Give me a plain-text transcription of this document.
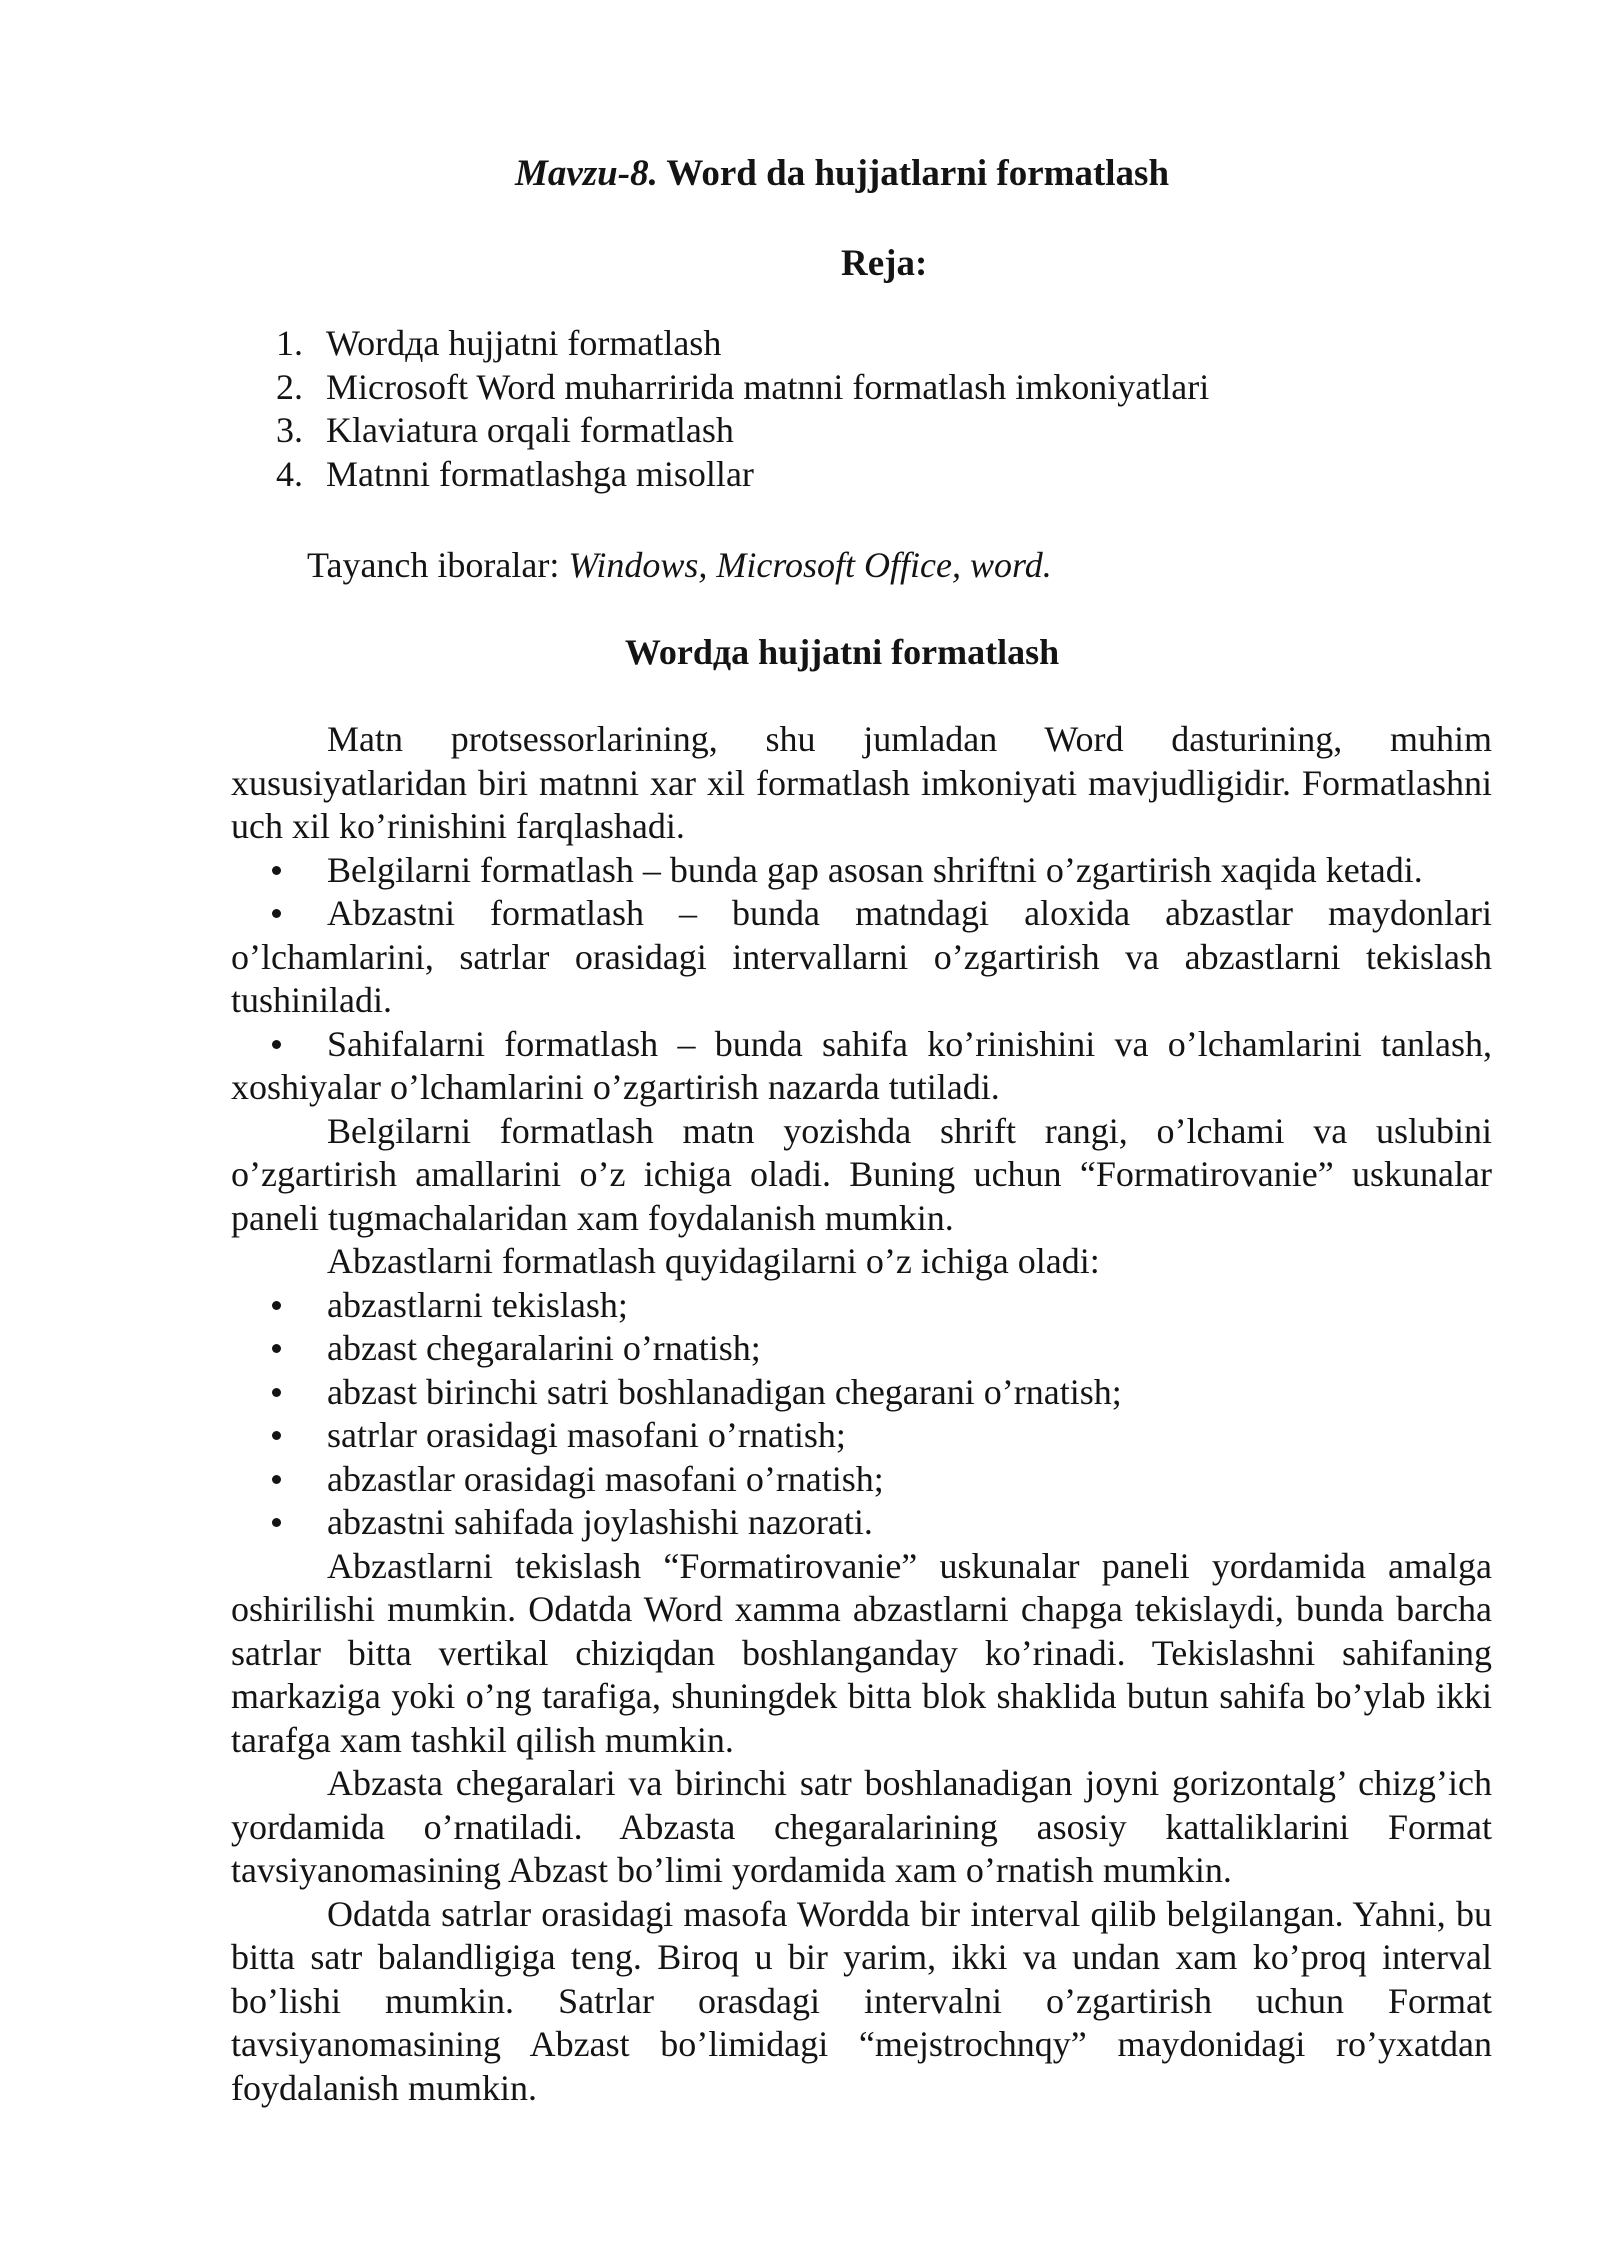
Mavzu-8. Word da hujjatlarni formatlash
Reja:
1. Wordда hujjatni formatlash
2. Microsoft Word muharririda matnni formatlash imkoniyatlari
3. Klaviatura orqali formatlash
4. Matnni formatlashga misollar
Tayanch iboralar: Windows, Microsoft Office, word.
Wordда hujjatni formatlash

Matn protsessorlarining, shu jumladan Word dasturining, muhim xususiyatlaridan biri matnni xar xil formatlash imkoniyati mavjudligidir. Formatlashni uch xil ko’rinishini farqlashadi.

Belgilarni formatlash – bunda gap asosan shriftni o’zgartirish xaqida ketadi.

Abzastni formatlash – bunda matndagi aloxida abzastlar maydonlari o’lchamlarini, satrlar orasidagi intervallarni o’zgartirish va abzastlarni tekislash tushiniladi.

Sahifalarni formatlash – bunda sahifa ko’rinishini va o’lchamlarini tanlash, xoshiyalar o’lchamlarini o’zgartirish nazarda tutiladi.

Belgilarni formatlash matn yozishda shrift rangi, o’lchami va uslubini o’zgartirish amallarini o’z ichiga oladi. Buning uchun “Formatirovanie” uskunalar paneli tugmachalaridan xam foydalanish mumkin.

Abzastlarni formatlash quyidagilarni o’z ichiga oladi:

abzastlarni tekislash;

abzast chegaralarini o’rnatish;

abzast birinchi satri boshlanadigan chegarani o’rnatish;

satrlar orasidagi masofani o’rnatish;

abzastlar orasidagi masofani o’rnatish;

abzastni sahifada joylashishi nazorati.

Abzastlarni tekislash “Formatirovanie” uskunalar paneli yordamida amalga oshirilishi mumkin. Odatda Word xamma abzastlarni chapga tekislaydi, bunda barcha satrlar bitta vertikal chiziqdan boshlanganday ko’rinadi. Tekislashni sahifaning markaziga yoki o’ng tarafiga, shuningdek bitta blok shaklida butun sahifa bo’ylab ikki tarafga xam tashkil qilish mumkin.

Abzasta chegaralari va birinchi satr boshlanadigan joyni gorizontalg’ chizg’ich yordamida o’rnatiladi. Abzasta chegaralarining asosiy kattaliklarini Format tavsiyanomasining Abzast bo’limi yordamida xam o’rnatish mumkin.

Odatda satrlar orasidagi masofa Wordda bir interval qilib belgilangan. Yahni, bu bitta satr balandligiga teng. Biroq u bir yarim, ikki va undan xam ko’proq interval bo’lishi mumkin. Satrlar orasdagi intervalni o’zgartirish uchun Format tavsiyanomasining Abzast bo’limidagi “mejstrochnqy” maydonidagi ro’yxatdan foydalanish mumkin.
